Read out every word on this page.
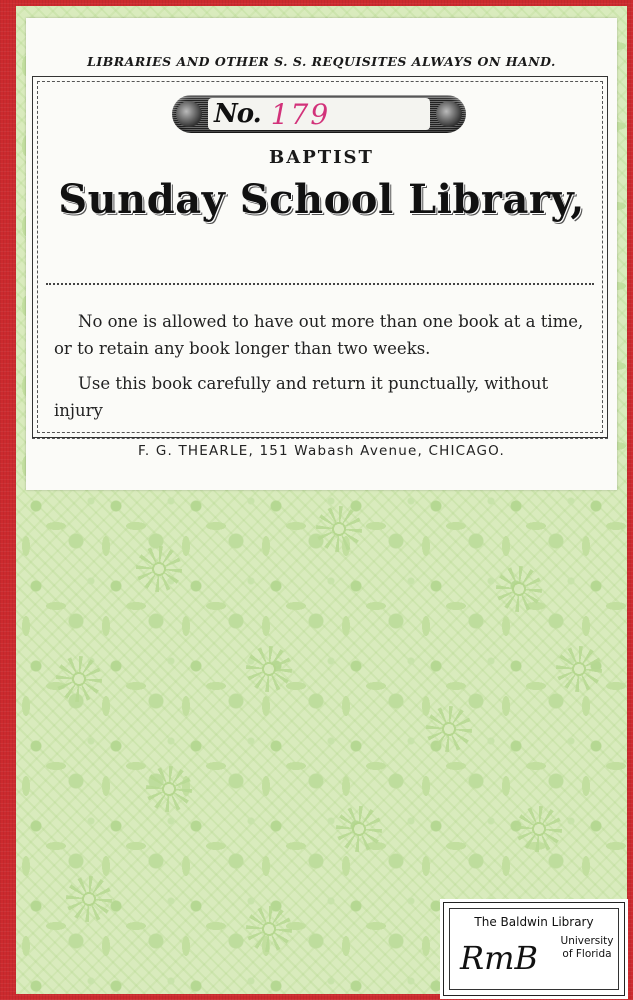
LIBRARIES AND OTHER S. S. REQUISITES ALWAYS ON HAND.
No. 179
BAPTIST
Sunday School Library,

No one is allowed to have out more than one book at a time, or to retain any book longer than two weeks.

Use this book carefully and return it punctually, without injury

F. G. THEARLE, 151 Wabash Avenue, CHICAGO.
The Baldwin Library
RmB	University of Florida
